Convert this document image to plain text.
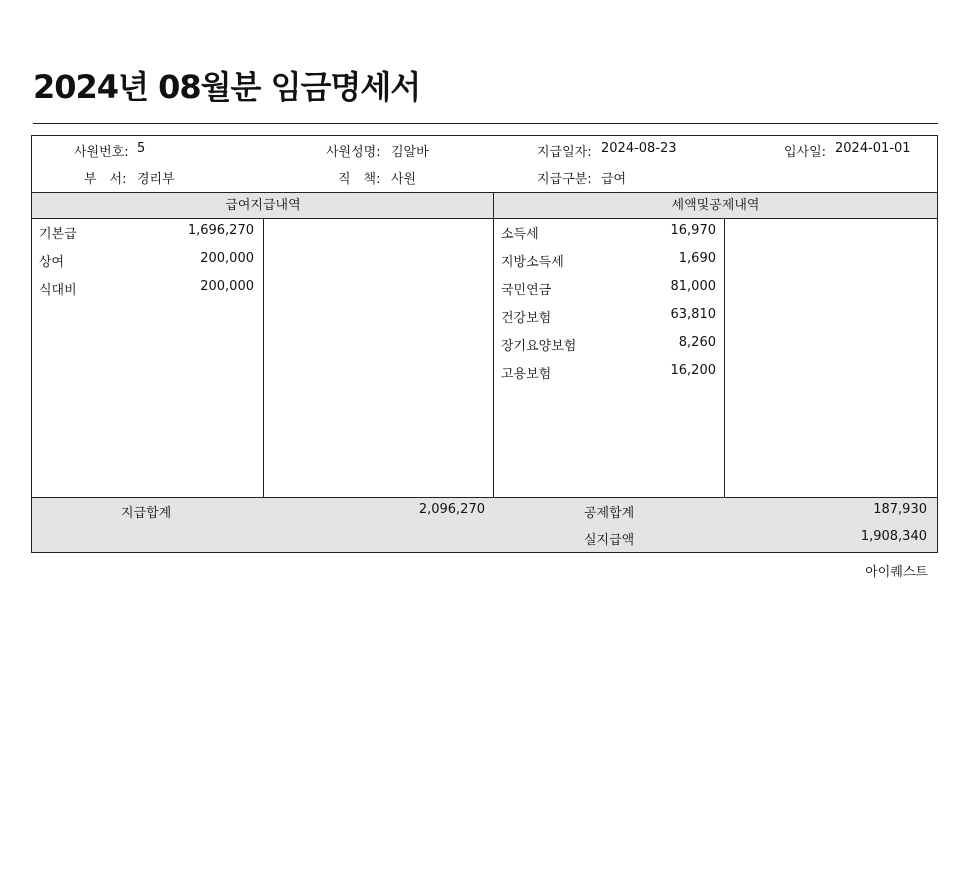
2024년 08월분 임금명세서
사원번호: 5	사원성명: 김알바	지급일자: 2024-08-23	입사일: 2024-01-01
부　서: 경리부	직　책: 사원	지급구분: 급여
급여지급내역	세액및공제내역
기본급	1,696,270
상여	200,000
식대비	200,000
소득세	16,970
지방소득세	1,690
국민연금	81,000
건강보험	63,810
장기요양보험	8,260
고용보험	16,200
지급합계	2,096,270	공제합계	187,930
실지급액	1,908,340
아이퀘스트
